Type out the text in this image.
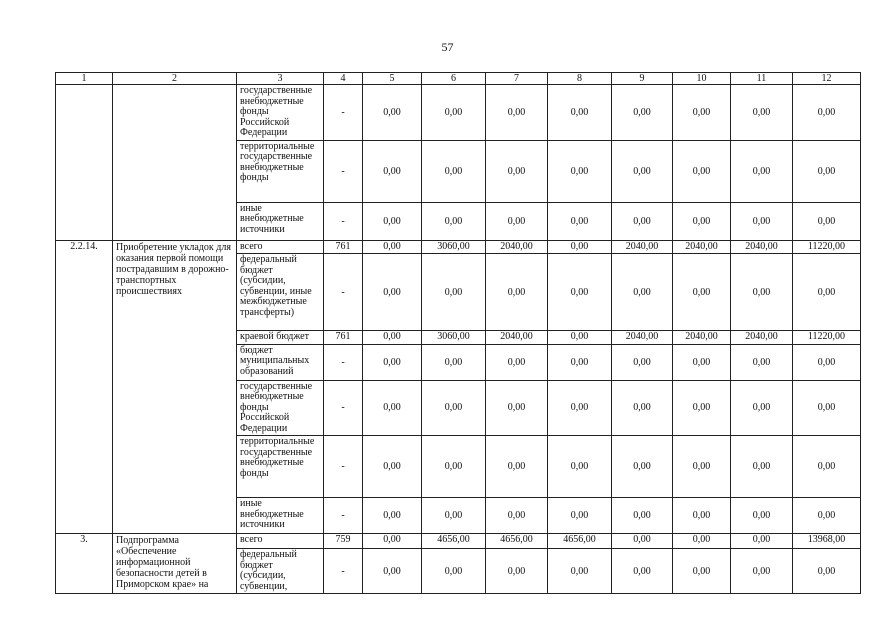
57
1	2	3	4	5	6	7	8	9	10	11	12
		государственные внебюджетные фонды Российской Федерации	-	0,00	0,00	0,00	0,00	0,00	0,00	0,00	0,00
		территориальные государственные внебюджетные фонды	-	0,00	0,00	0,00	0,00	0,00	0,00	0,00	0,00
		иные внебюджетные источники	-	0,00	0,00	0,00	0,00	0,00	0,00	0,00	0,00
2.2.14.	Приобретение укладок для оказания первой помощи пострадавшим в дорожно-транспортных происшествиях	всего	761	0,00	3060,00	2040,00	0,00	2040,00	2040,00	2040,00	11220,00
		федеральный бюджет (субсидии, субвенции, иные межбюджетные трансферты)	-	0,00	0,00	0,00	0,00	0,00	0,00	0,00	0,00
		краевой бюджет	761	0,00	3060,00	2040,00	0,00	2040,00	2040,00	2040,00	11220,00
		бюджет муниципальных образований	-	0,00	0,00	0,00	0,00	0,00	0,00	0,00	0,00
		государственные внебюджетные фонды Российской Федерации	-	0,00	0,00	0,00	0,00	0,00	0,00	0,00	0,00
		территориальные государственные внебюджетные фонды	-	0,00	0,00	0,00	0,00	0,00	0,00	0,00	0,00
		иные внебюджетные источники	-	0,00	0,00	0,00	0,00	0,00	0,00	0,00	0,00
3.	Подпрограмма «Обеспечение информационной безопасности детей в Приморском крае» на	всего	759	0,00	4656,00	4656,00	4656,00	0,00	0,00	0,00	13968,00
		федеральный бюджет (субсидии, субвенции,	-	0,00	0,00	0,00	0,00	0,00	0,00	0,00	0,00
